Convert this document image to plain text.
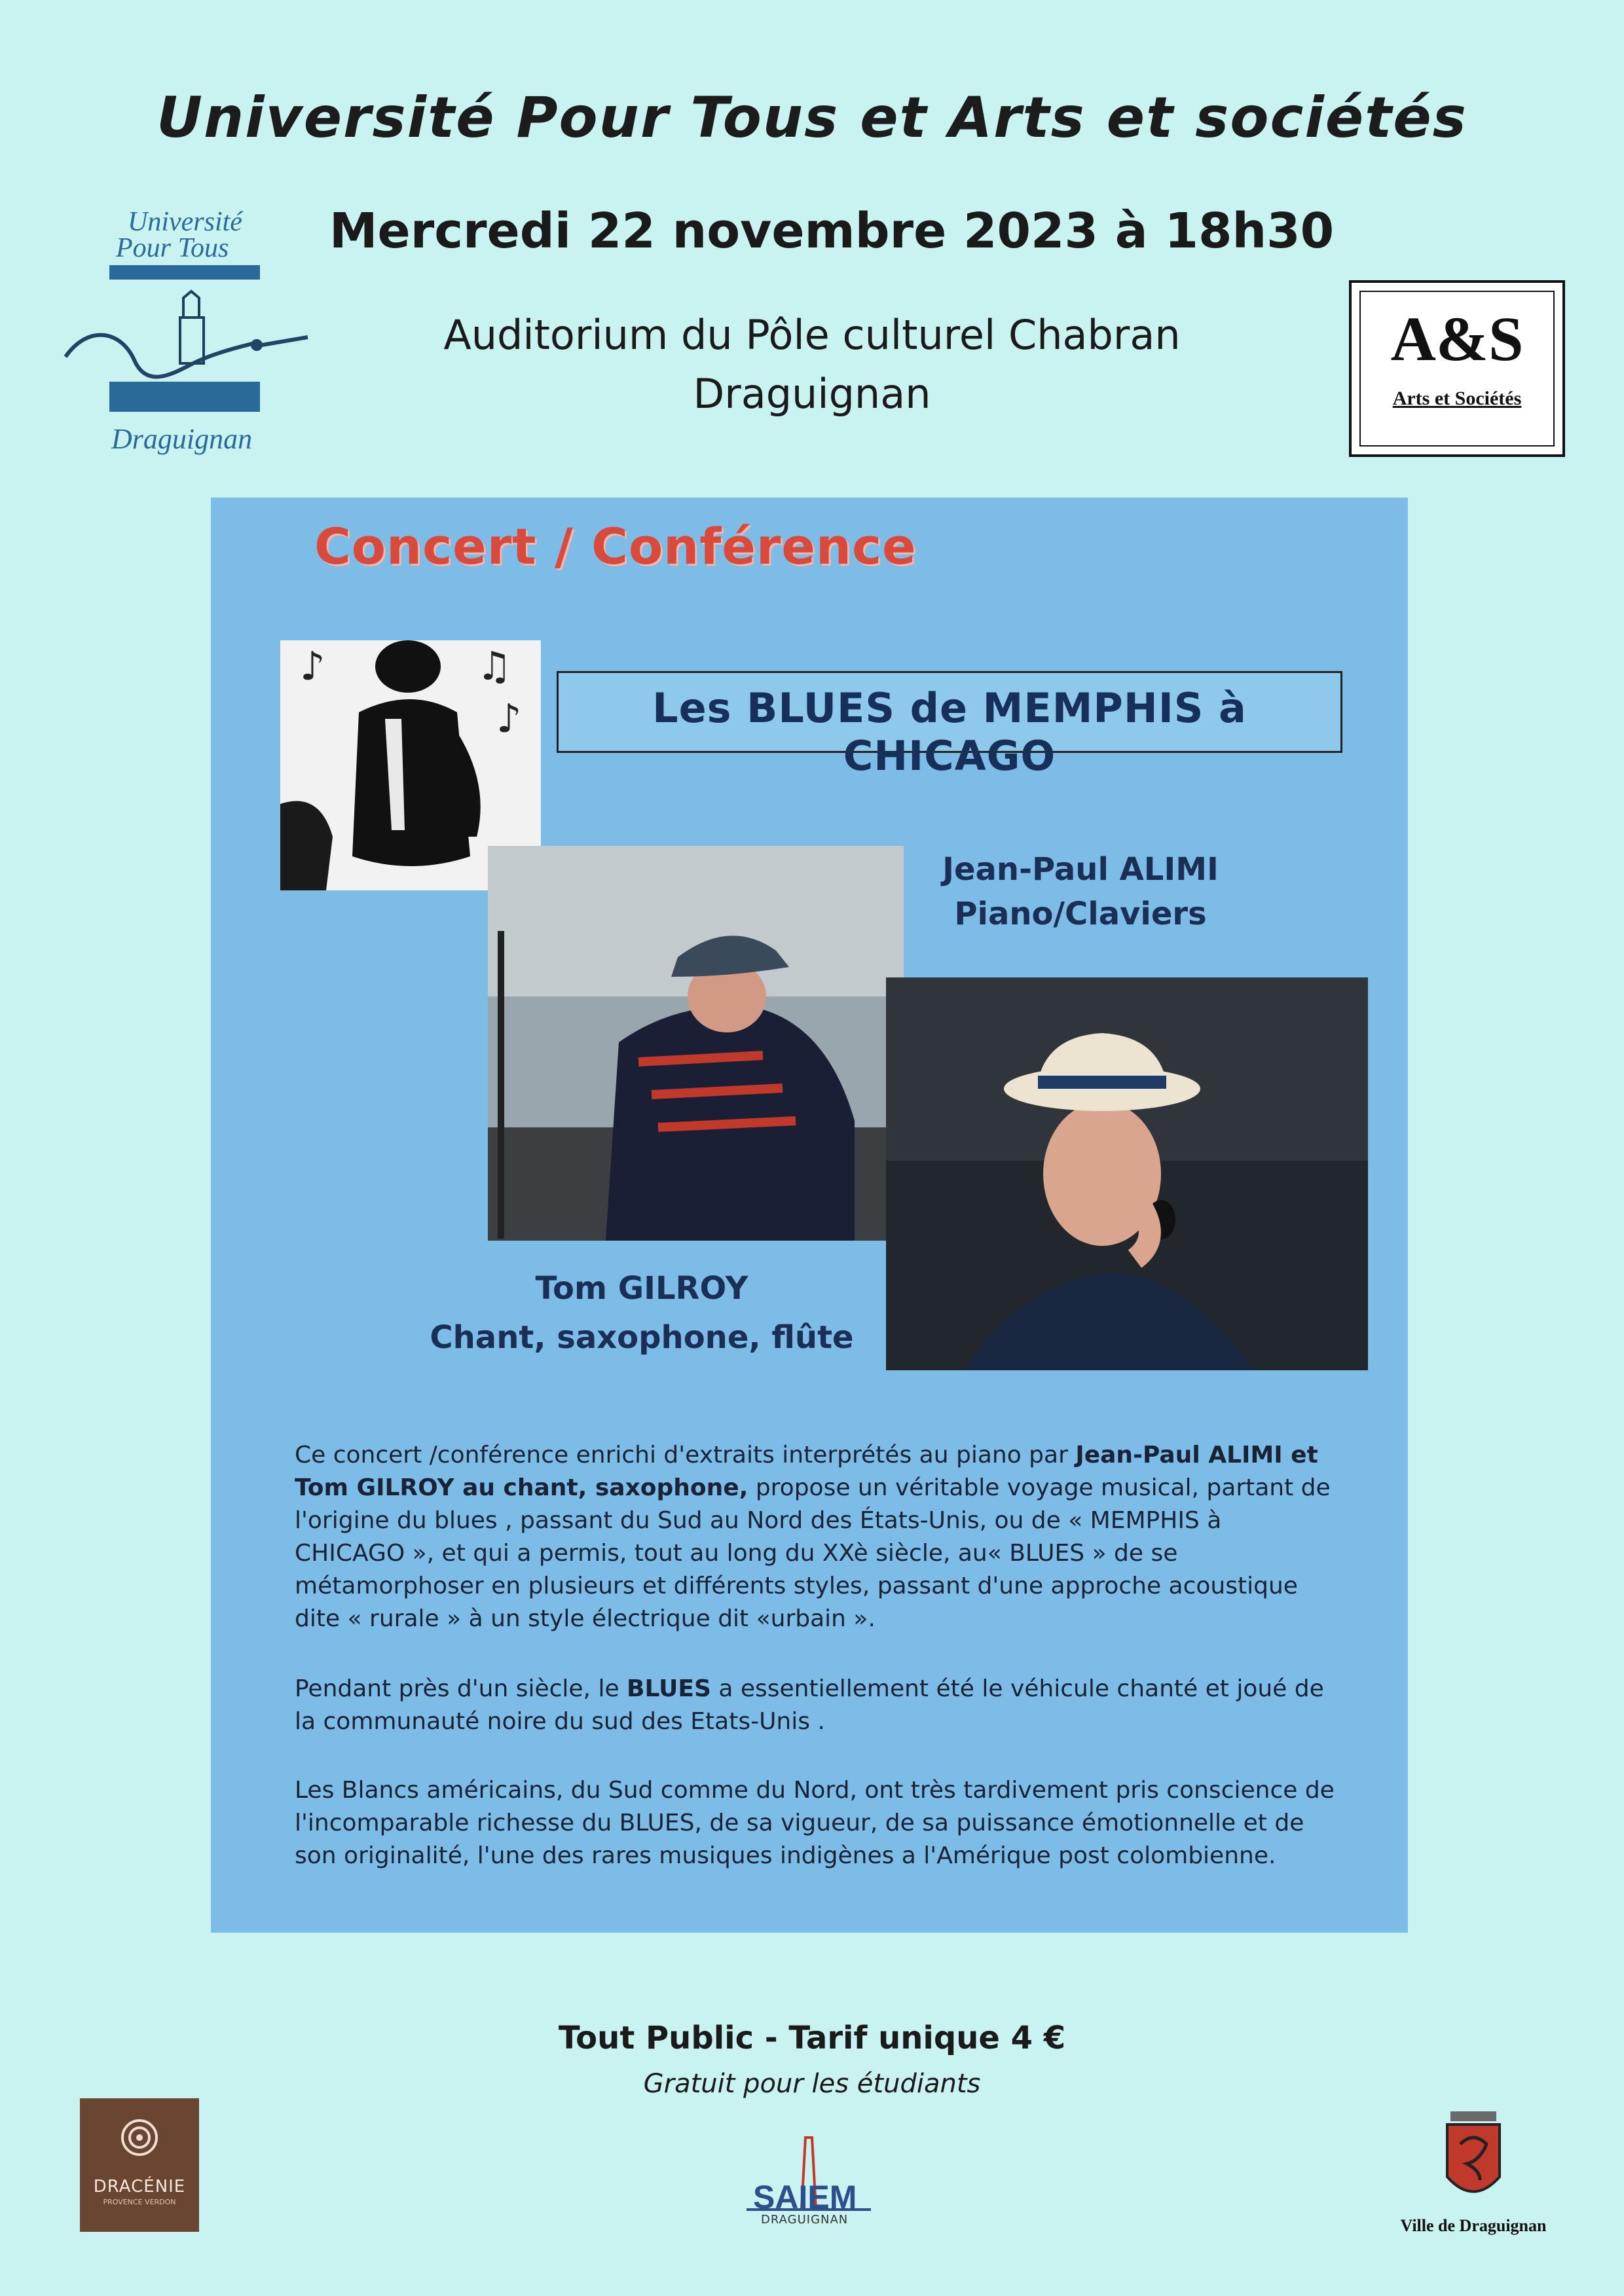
Université Pour Tous et Arts et sociétés
Mercredi 22 novembre 2023 à 18h30
Auditorium du Pôle culturel Chabran
Draguignan
Université
Pour Tous
Draguignan
A&S
Arts et Sociétés
Concert / Conférence
♪	♫
♪	Les BLUES de MEMPHIS à CHICAGO
Jean-Paul ALIMI
Piano/Claviers
Tom GILROY
Chant, saxophone, flûte
Ce concert /conférence enrichi d'extraits interprétés au piano par Jean-Paul ALIMI et Tom GILROY au chant, saxophone, propose un véritable voyage musical, partant de l'origine du blues , passant du Sud au Nord des États-Unis, ou de « MEMPHIS à CHICAGO », et qui a permis, tout au long du XXè siècle, au« BLUES » de se métamorphoser en plusieurs et différents styles, passant d'une approche acoustique dite « rurale » à un style électrique dit «urbain ».
Pendant près d'un siècle, le BLUES a essentiellement été le véhicule chanté et joué de la communauté noire du sud des Etats-Unis .
Les Blancs américains, du Sud comme du Nord, ont très tardivement pris conscience de l'incomparable richesse du BLUES, de sa vigueur, de sa puissance émotionnelle et de son originalité, l'une des rares musiques indigènes a l'Amérique post colombienne.
Tout Public - Tarif unique 4 €
Gratuit pour les étudiants
DRACÉNIE
PROVENCE VERDON	SAIEM
DRAGUIGNAN	Ville de Draguignan
